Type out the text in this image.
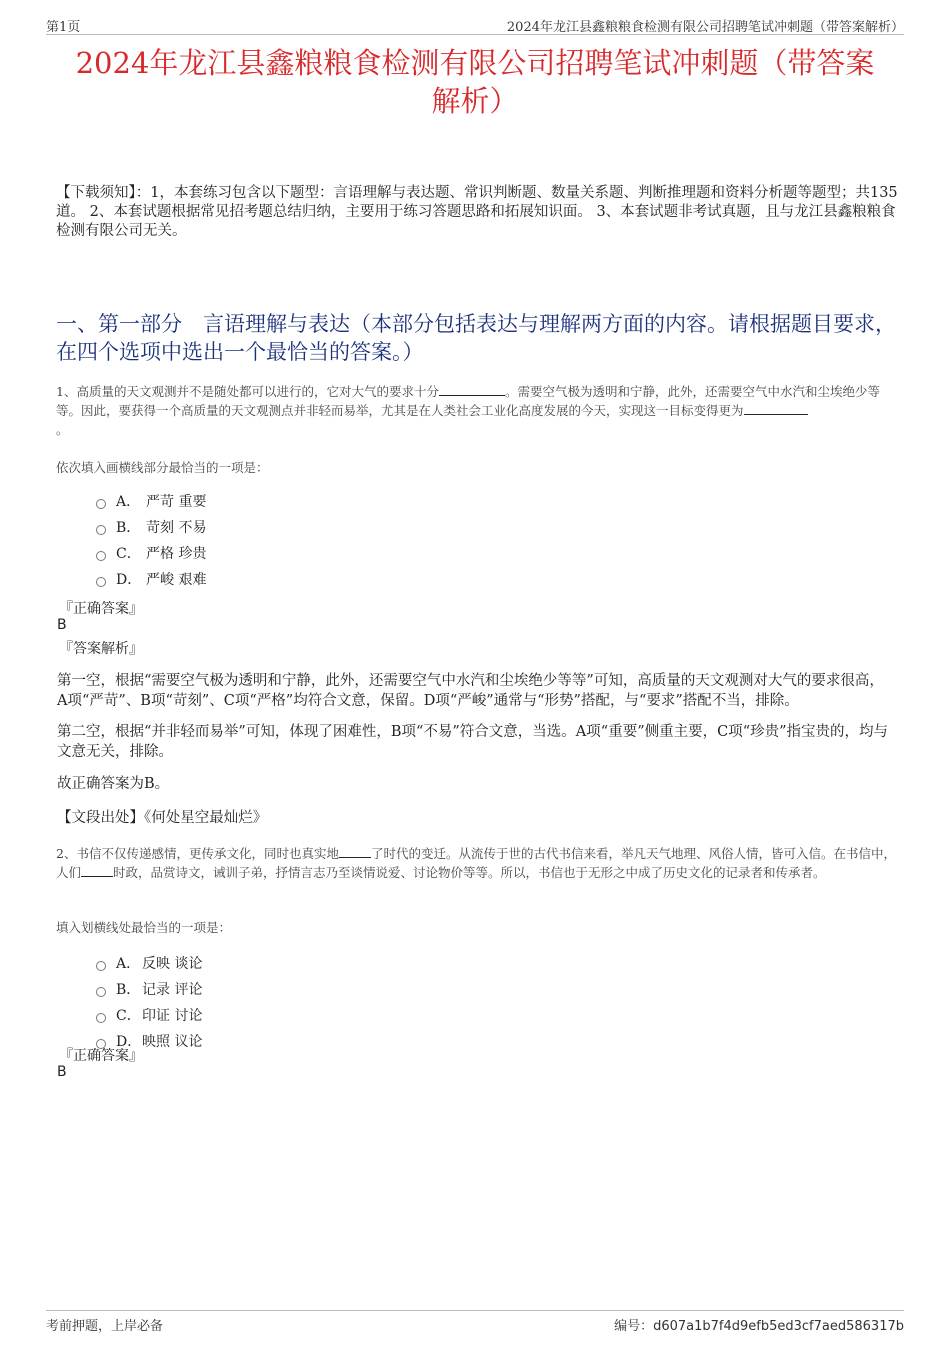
第1页	2024年龙江县鑫粮粮食检测有限公司招聘笔试冲刺题（带答案解析）
2024年龙江县鑫粮粮食检测有限公司招聘笔试冲刺题（带答案
解析）
【下载须知】：1，本套练习包含以下题型：言语理解与表达题、常识判断题、数量关系题、判断推理题和资料分析题等题型；共135道。 2、本套试题根据常见招考题总结归纳，主要用于练习答题思路和拓展知识面。 3、本套试题非考试真题，且与龙江县鑫粮粮食检测有限公司无关。
一、第一部分　言语理解与表达（本部分包括表达与理解两方面的内容。请根据题目要求，在四个选项中选出一个最恰当的答案。）
1、高质量的天文观测并不是随处都可以进行的，它对大气的要求十分	。需要空气极为透明和宁静，此外，还需要空气中水汽和尘埃绝少等等。因此，要获得一个高质量的天文观测点并非轻而易举，尤其是在人类社会工业化高度发展的今天，实现这一目标变得更为
。
依次填入画横线部分最恰当的一项是：
A． 严苛 重要
B． 苛刻 不易
C． 严格 珍贵
D． 严峻 艰难
『正确答案』
B
『答案解析』
第一空，根据“需要空气极为透明和宁静，此外，还需要空气中水汽和尘埃绝少等等”可知，高质量的天文观测对大气的要求很高，A项“严苛”、B项“苛刻”、C项“严格”均符合文意，保留。D项“严峻”通常与“形势”搭配，与“要求”搭配不当，排除。
第二空，根据“并非轻而易举”可知，体现了困难性，B项“不易”符合文意，当选。A项“重要”侧重主要，C项“珍贵”指宝贵的，均与文意无关，排除。
故正确答案为B。
【文段出处】《何处星空最灿烂》
2、书信不仅传递感情，更传承文化，同时也真实地	了时代的变迁。从流传于世的古代书信来看，举凡天气地理、风俗人情，皆可入信。在书信中，人们	时政，品赏诗文，诫训子弟，抒情言志乃至谈情说爱、讨论物价等等。所以，书信也于无形之中成了历史文化的记录者和传承者。
填入划横线处最恰当的一项是：
A． 反映 谈论
B． 记录 评论
C．印证 讨论
D．映照 议论
『正确答案』
B
考前押题，上岸必备	编号：d607a1b7f4d9efb5ed3cf7aed586317b
